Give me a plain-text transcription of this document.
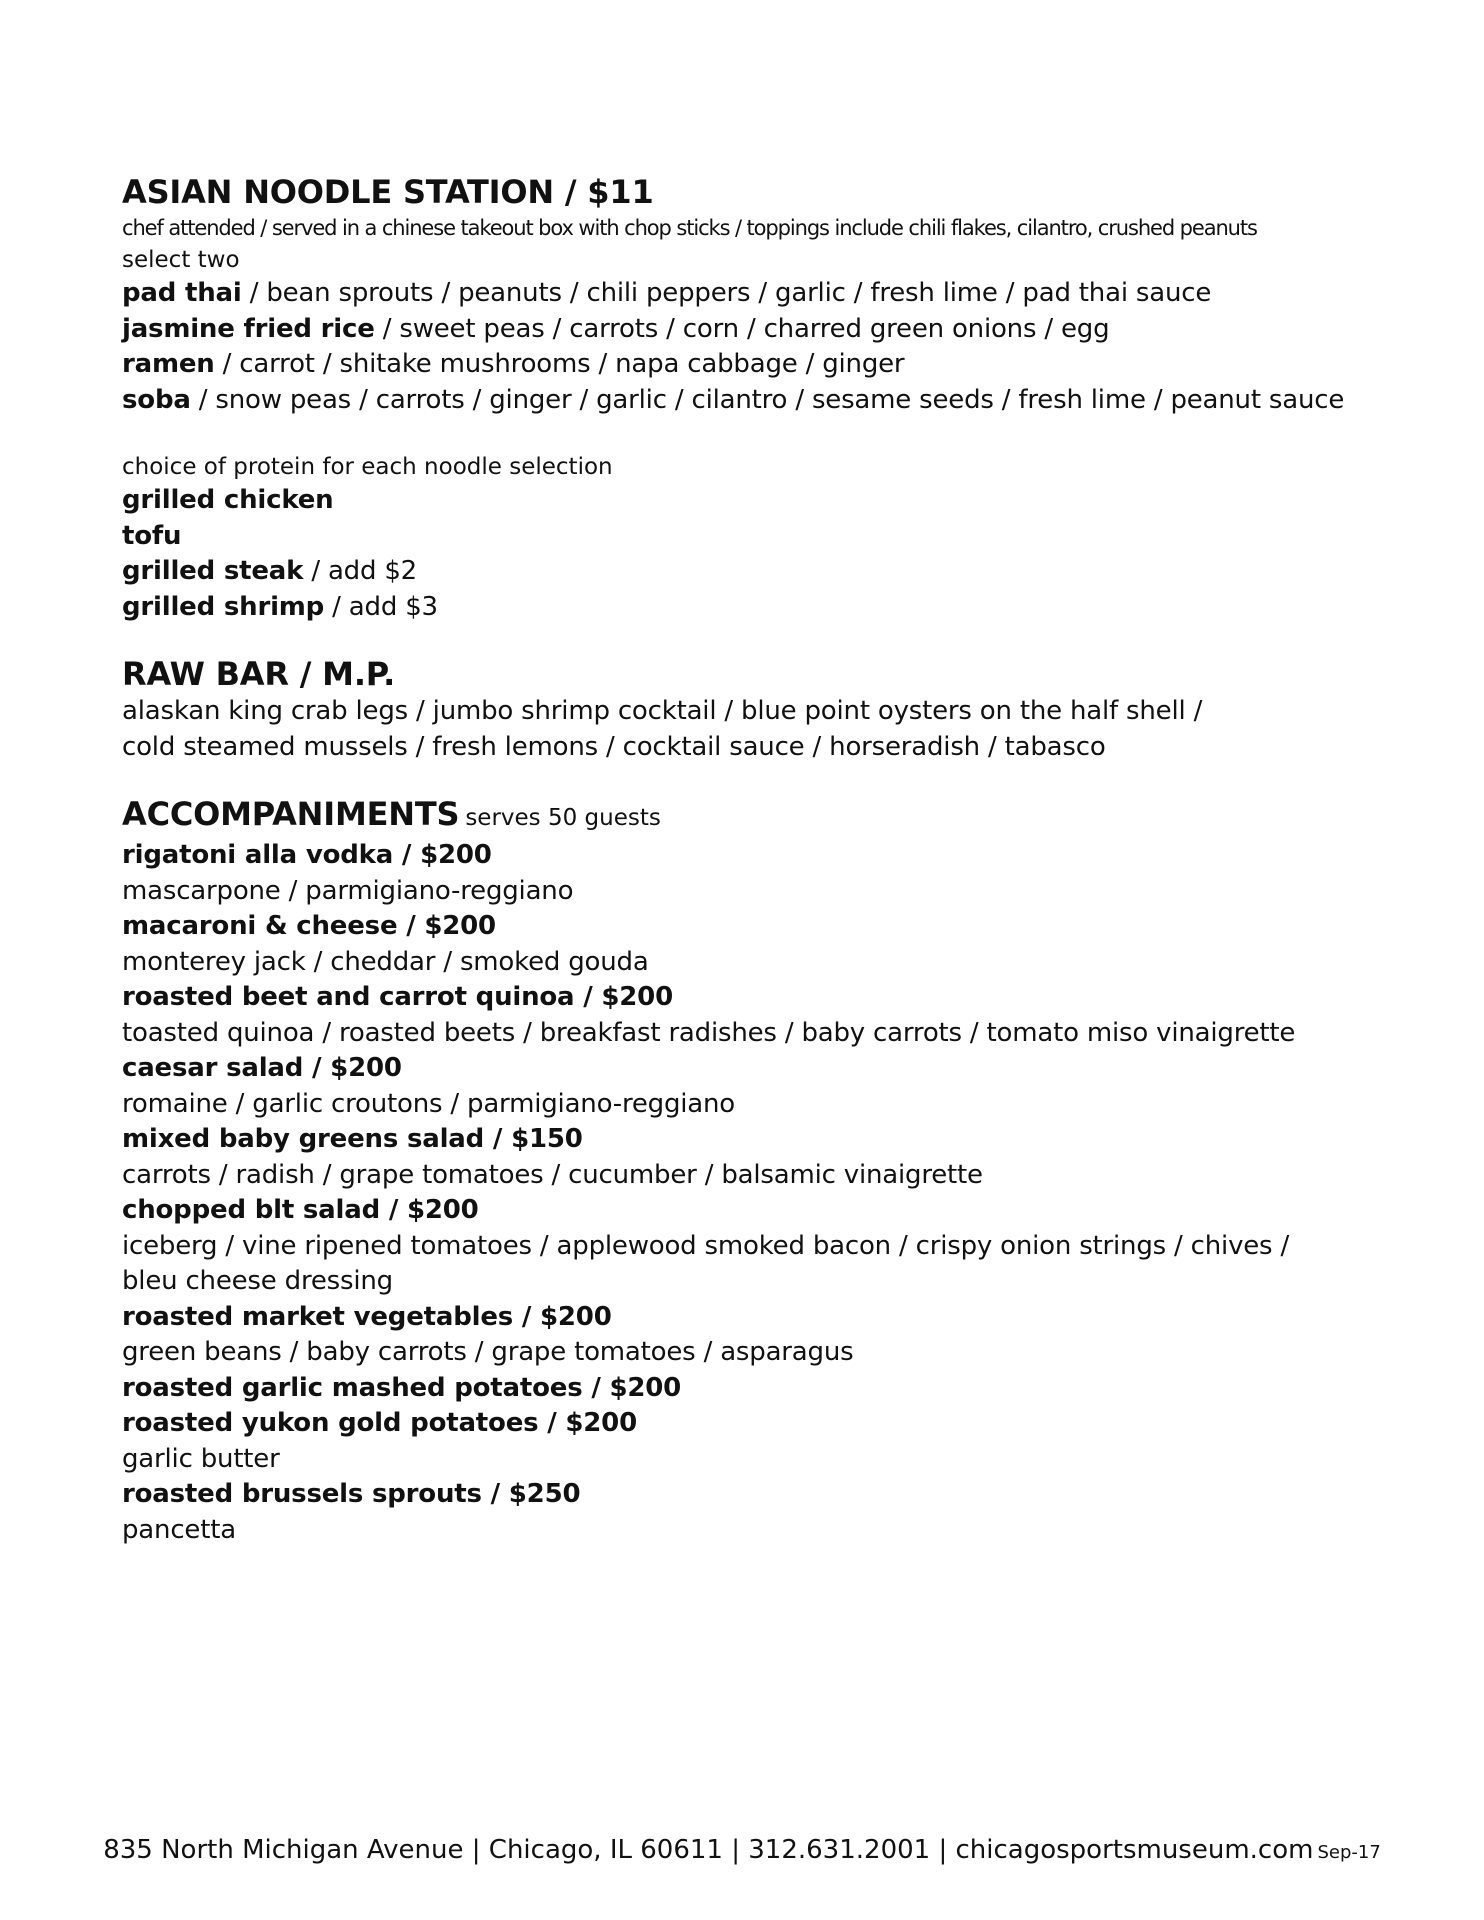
ASIAN NOODLE STATION / $11
chef attended / served in a chinese takeout box with chop sticks / toppings include chili flakes, cilantro, crushed peanuts
select two
pad thai / bean sprouts / peanuts / chili peppers / garlic / fresh lime / pad thai sauce
jasmine fried rice / sweet peas / carrots / corn / charred green onions / egg
ramen / carrot / shitake mushrooms / napa cabbage / ginger
soba / snow peas / carrots / ginger / garlic / cilantro / sesame seeds / fresh lime / peanut sauce
choice of protein for each noodle selection
grilled chicken
tofu
grilled steak / add $2
grilled shrimp / add $3
RAW BAR / M.P.
alaskan king crab legs / jumbo shrimp cocktail / blue point oysters on the half shell /
cold steamed mussels / fresh lemons / cocktail sauce / horseradish / tabasco
ACCOMPANIMENTS serves 50 guests
rigatoni alla vodka / $200
mascarpone / parmigiano-reggiano
macaroni & cheese / $200
monterey jack / cheddar / smoked gouda
roasted beet and carrot quinoa / $200
toasted quinoa / roasted beets / breakfast radishes / baby carrots / tomato miso vinaigrette
caesar salad / $200
romaine / garlic croutons / parmigiano-reggiano
mixed baby greens salad / $150
carrots / radish / grape tomatoes / cucumber / balsamic vinaigrette
chopped blt salad / $200
iceberg / vine ripened tomatoes / applewood smoked bacon / crispy onion strings / chives /
bleu cheese dressing
roasted market vegetables / $200
green beans / baby carrots / grape tomatoes / asparagus
roasted garlic mashed potatoes / $200
roasted yukon gold potatoes / $200
garlic butter
roasted brussels sprouts / $250
pancetta
835 North Michigan Avenue | Chicago, IL 60611 | 312.631.2001 | chicagosportsmuseum.com Sep-17
